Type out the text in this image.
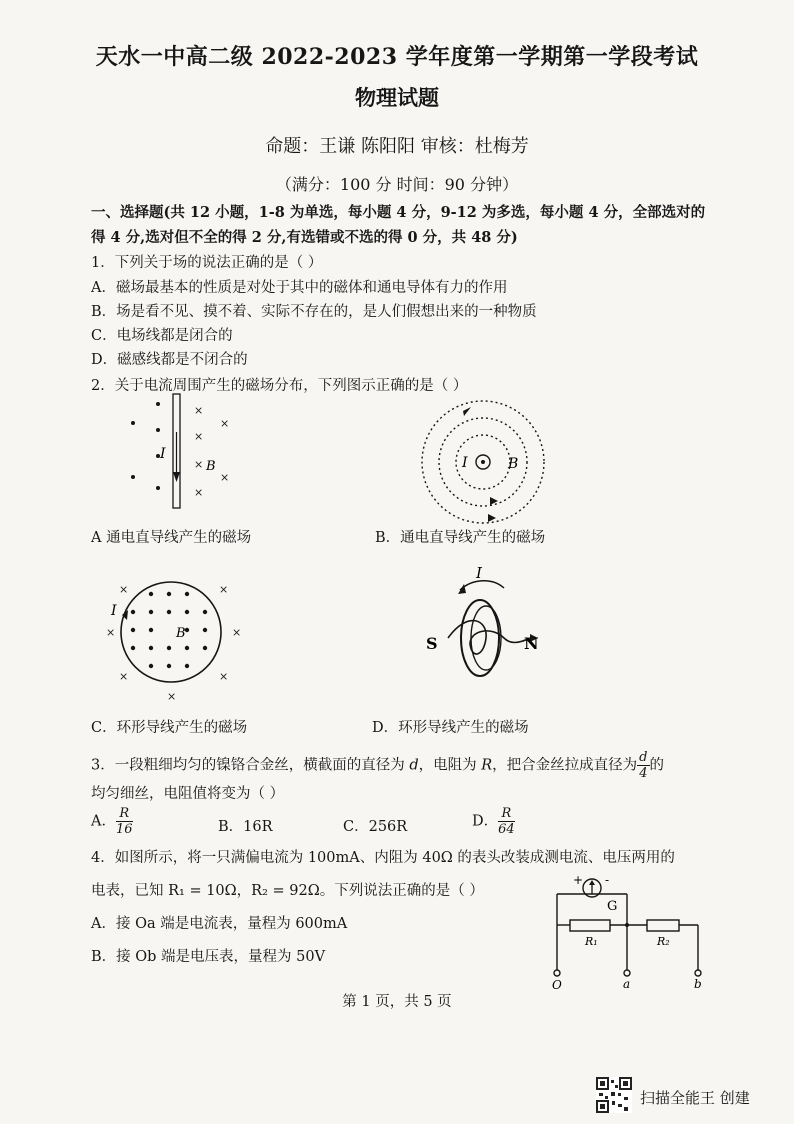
天水一中高二级 2022-2023 学年度第一学期第一学段考试
物理试题
命题：王谦 陈阳阳 审核：杜梅芳
（满分：100 分 时间：90 分钟）
一、选择题(共 12 小题，1-8 为单选，每小题 4 分，9-12 为多选，每小题 4 分，全部选对的
得 4 分,选对但不全的得 2 分,有选错或不选的得 0 分，共 48 分)
1．下列关于场的说法正确的是（ ）
A．磁场最基本的性质是对处于其中的磁体和通电导体有力的作用
B．场是看不见、摸不着、实际不存在的，是人们假想出来的一种物质
C．电场线都是闭合的
D．磁感线都是不闭合的
2．关于电流周围产生的磁场分布，下列图示正确的是（ ）
×
×
×
×
×
×
I
B
A 通电直导线产生的磁场
I	B
B．通电直导线产生的磁场
×	×
×	×
×	×
×
I
B
C．环形导线产生的磁场
I
S	N
D．环形导线产生的磁场
3．一段粗细均匀的镍铬合金丝，横截面的直径为 d，电阻为 R，把合金丝拉成直径为 $\frac{d}{4}$ 的
均匀细丝，电阻值将变为（ ）
A． $\frac{R}{16}$	B．16R	C．256R	D． $\frac{R}{64}$
4．如图所示，将一只满偏电流为 100mA、内阻为 40Ω 的表头改装成测电流、电压两用的
电表，已知 R₁ = 10Ω，R₂ = 92Ω。下列说法正确的是（ ）
A．接 Oa 端是电流表，量程为 600mA
B．接 Ob 端是电压表，量程为 50V
+ -
G
R₁	R₂
O	a	b
第 1 页，共 5 页
扫描全能王 创建
